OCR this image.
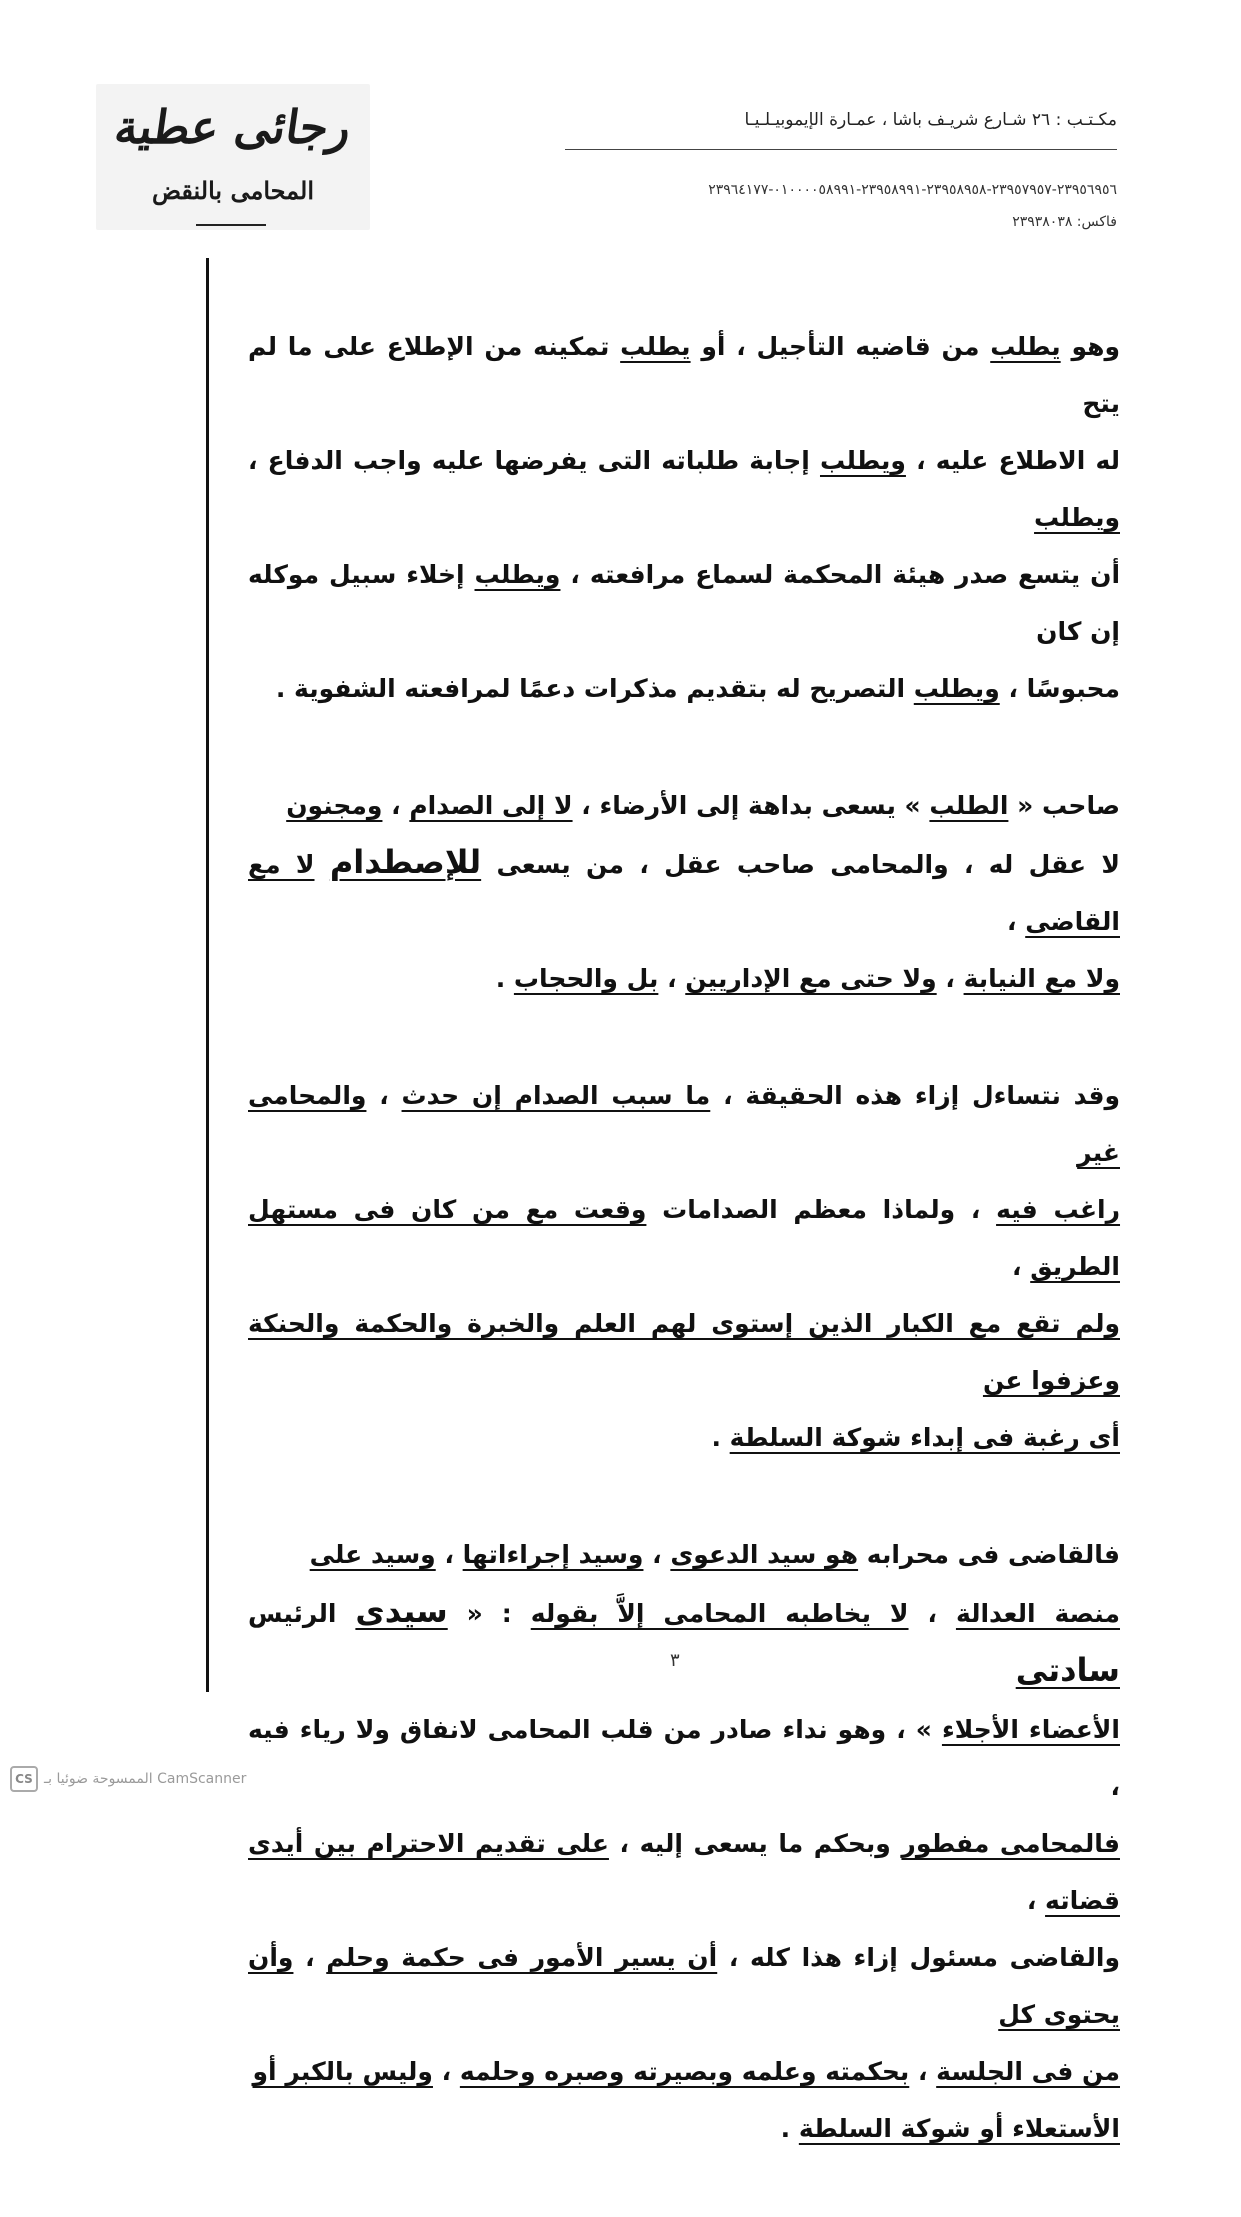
رجائى عطية
المحامى بالنقض
مكـتـب : ٢٦ شـارع شريـف باشا ، عمـارة الإيموبيـلـيـا
٢٣٩٥٦٩٥٦-٢٣٩٥٧٩٥٧-٢٣٩٥٨٩٥٨-٢٣٩٥٨٩٩١-٠١٠٠٠٠٥٨٩٩١-٢٣٩٦٤١٧٧
فاكس: ٢٣٩٣٨٠٣٨

وهو يطلب من قاضيه التأجيل ، أو يطلب تمكينه من الإطلاع على ما لم يتح

له الاطلاع عليه ، ويطلب إجابة طلباته التى يفرضها عليه واجب الدفاع ، ويطلب

أن يتسع صدر هيئة المحكمة لسماع مرافعته ، ويطلب إخلاء سبيل موكله إن كان

محبوسًا ، ويطلب التصريح له بتقديم مذكرات دعمًا لمرافعته الشفوية .

صاحب « الطلب » يسعى بداهة إلى الأرضاء ، لا إلى الصدام ، ومجنون

لا عقل له ، والمحامى صاحب عقل ، من يسعى للإصطدام لا مع القاضى ،

ولا مع النيابة ، ولا حتى مع الإداريين ، بل والحجاب .

وقد نتساءل إزاء هذه الحقيقة ، ما سبب الصدام إن حدث ، والمحامى غير

راغب فيه ، ولماذا معظم الصدامات وقعت مع من كان فى مستهل الطريق ،

ولم تقع مع الكبار الذين إستوى لهم العلم والخبرة والحكمة والحنكة وعزفوا عن

أى رغبة فى إبداء شوكة السلطة .

فالقاضى فى محرابه هو سيد الدعوى ، وسيد إجراءاتها ، وسيد على

منصة العدالة ، لا يخاطبه المحامى إلاَّ بقوله : « سيدى الرئيس سادتى

الأعضاء الأجلاء » ، وهو نداء صادر من قلب المحامى لانفاق ولا رياء فيه ،

فالمحامى مفطور وبحكم ما يسعى إليه ، على تقديم الاحترام بين أيدى قضاته ،

والقاضى مسئول إزاء هذا كله ، أن يسير الأمور فى حكمة وحلم ، وأن يحتوى كل

من فى الجلسة ، بحكمته وعلمه وبصيرته وصبره وحلمه ، وليس بالكبر أو

الأستعلاء أو شوكة السلطة .

٣
CS الممسوحة ضوئيا بـ CamScanner
